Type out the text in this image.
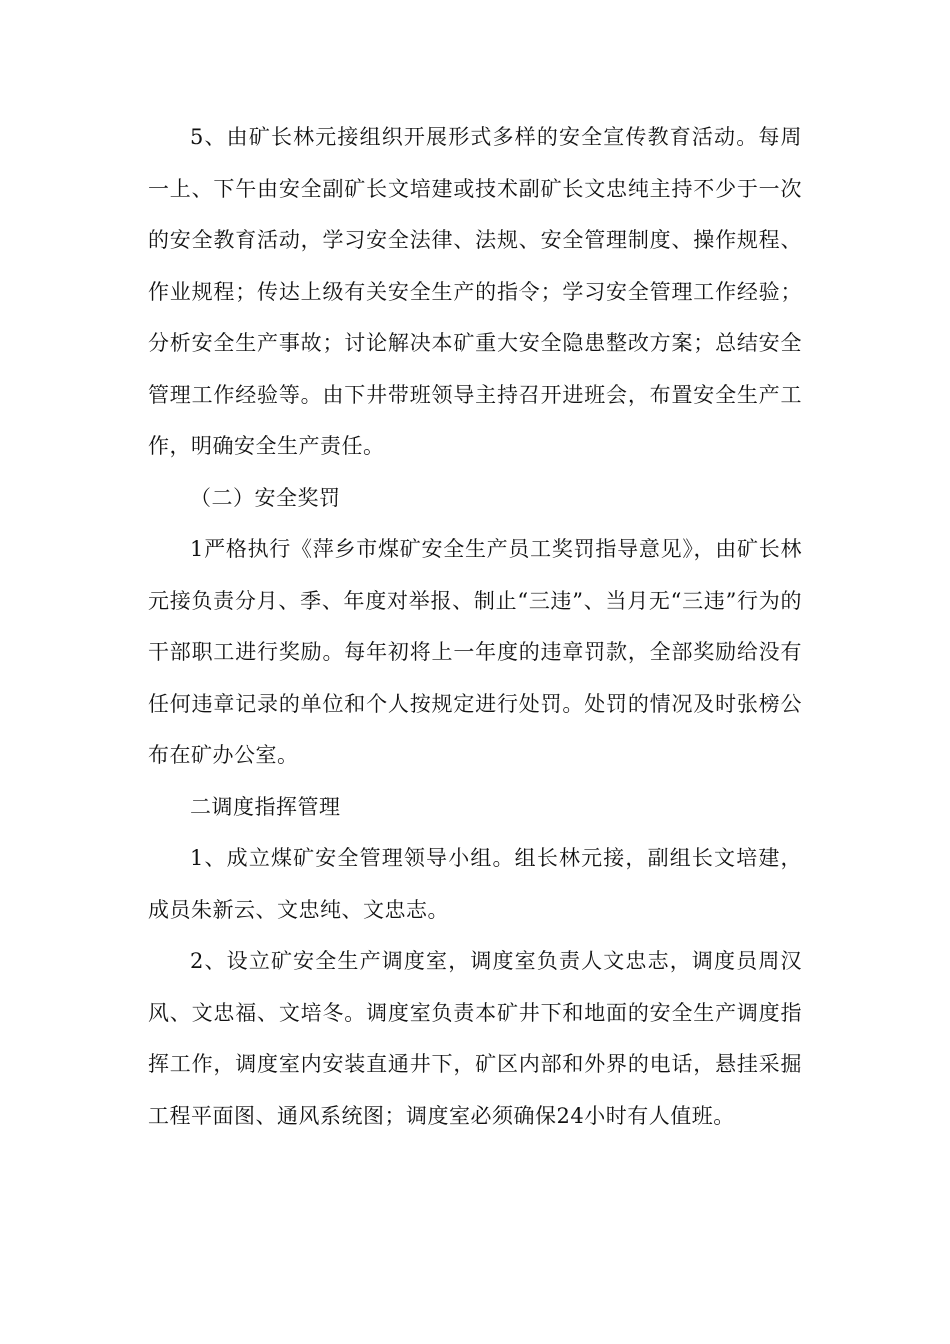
5、由矿长林元接组织开展形式多样的安全宣传教育活动。每周一上、下午由安全副矿长文培建或技术副矿长文忠纯主持不少于一次的安全教育活动，学习安全法律、法规、安全管理制度、操作规程、作业规程；传达上级有关安全生产的指令；学习安全管理工作经验；分析安全生产事故；讨论解决本矿重大安全隐患整改方案；总结安全管理工作经验等。由下井带班领导主持召开进班会，布置安全生产工作，明确安全生产责任。

（二）安全奖罚

1严格执行《萍乡市煤矿安全生产员工奖罚指导意见》，由矿长林元接负责分月、季、年度对举报、制止“三违”、当月无“三违”行为的干部职工进行奖励。每年初将上一年度的违章罚款，全部奖励给没有任何违章记录的单位和个人按规定进行处罚。处罚的情况及时张榜公布在矿办公室。

二调度指挥管理

1、成立煤矿安全管理领导小组。组长林元接，副组长文培建，成员朱新云、文忠纯、文忠志。

2、设立矿安全生产调度室，调度室负责人文忠志，调度员周汉风、文忠福、文培冬。调度室负责本矿井下和地面的安全生产调度指挥工作，调度室内安装直通井下，矿区内部和外界的电话，悬挂采掘工程平面图、通风系统图；调度室必须确保24小时有人值班。
